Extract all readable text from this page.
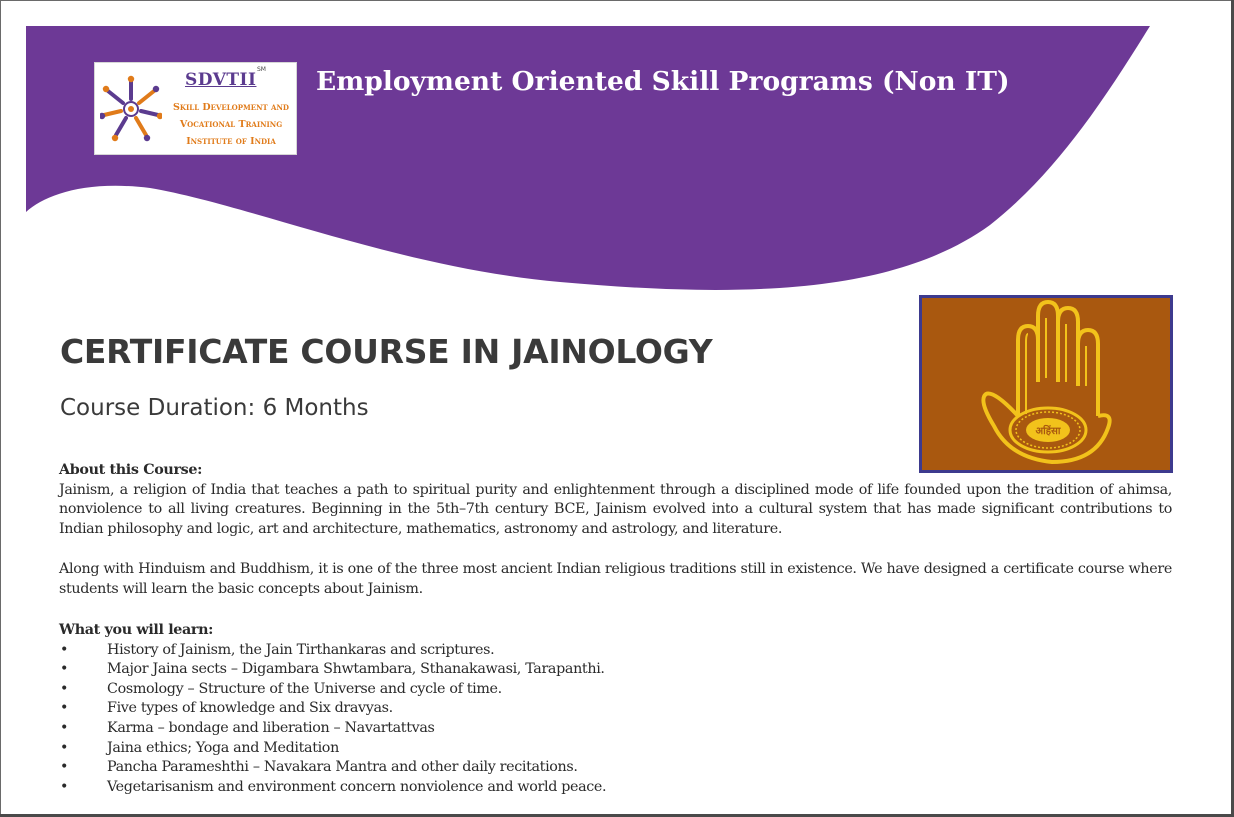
SDVTII
SM
Skill Development and
Vocational Training
Institute of India
Employment Oriented Skill Programs (Non IT)
अहिंसा
CERTIFICATE COURSE IN JAINOLOGY
Course Duration: 6 Months
About this Course:
Jainism, a religion of India that teaches a path to spiritual purity and enlightenment through a disciplined mode of life founded upon the tradition of ahimsa, nonviolence to all living creatures. Beginning in the 5th–7th century BCE, Jainism evolved into a cultural system that has made significant contributions to Indian philosophy and logic, art and architecture, mathematics, astronomy and astrology, and literature.
Along with Hinduism and Buddhism, it is one of the three most ancient Indian religious traditions still in existence. We have designed a certificate course where students will learn the basic concepts about Jainism.
What you will learn:
•	History of Jainism, the Jain Tirthankaras and scriptures.
•	Major Jaina sects – Digambara Shwtambara, Sthanakawasi, Tarapanthi.
•	Cosmology – Structure of the Universe and cycle of time.
•	Five types of knowledge and Six dravyas.
•	Karma – bondage and liberation – Navartattvas
•	Jaina ethics; Yoga and Meditation
•	Pancha Parameshthi – Navakara Mantra and other daily recitations.
•	Vegetarisanism and environment concern nonviolence and world peace.
